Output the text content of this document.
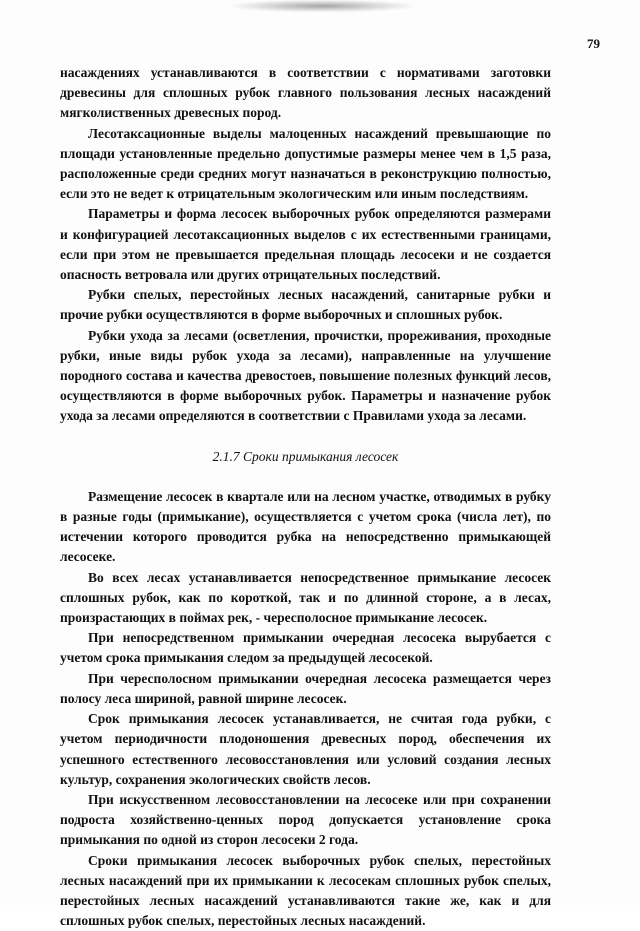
79

насаждениях устанавливаются в соответствии с нормативами заготовки древесины для сплошных рубок главного пользования лесных насаждений мягколиственных древесных пород.

Лесотаксационные выделы малоценных насаждений превышающие по площади установленные предельно допустимые размеры менее чем в 1,5 раза, расположенные среди средних могут назначаться в реконструкцию полностью, если это не ведет к отрицательным экологическим или иным последствиям.

Параметры и форма лесосек выборочных рубок определяются размерами и конфигурацией лесотаксационных выделов с их естественными границами, если при этом не превышается предельная площадь лесосеки и не создается опасность ветровала или других отрицательных последствий.

Рубки спелых, перестойных лесных насаждений, санитарные рубки и прочие рубки осуществляются в форме выборочных и сплошных рубок.

Рубки ухода за лесами (осветления, прочистки, прореживания, проходные рубки, иные виды рубок ухода за лесами), направленные на улучшение породного состава и качества древостоев, повышение полезных функций лесов, осуществляются в форме выборочных рубок. Параметры и назначение рубок ухода за лесами определяются в соответствии с Правилами ухода за лесами.

2.1.7 Сроки примыкания лесосек

Размещение лесосек в квартале или на лесном участке, отводимых в рубку в разные годы (примыкание), осуществляется с учетом срока (числа лет), по истечении которого проводится рубка на непосредственно примыкающей лесосеке.

Во всех лесах устанавливается непосредственное примыкание лесосек сплошных рубок, как по короткой, так и по длинной стороне, а в лесах, произрастающих в поймах рек, - чересполосное примыкание лесосек.

При непосредственном примыкании очередная лесосека вырубается с учетом срока примыкания следом за предыдущей лесосекой.

При чересполосном примыкании очередная лесосека размещается через полосу леса шириной, равной ширине лесосек.

Срок примыкания лесосек устанавливается, не считая года рубки, с учетом периодичности плодоношения древесных пород, обеспечения их успешного естественного лесовосстановления или условий создания лесных культур, сохранения экологических свойств лесов.

При искусственном лесовосстановлении на лесосеке или при сохранении подроста хозяйственно-ценных пород допускается установление срока примыкания по одной из сторон лесосеки 2 года.

Сроки примыкания лесосек выборочных рубок спелых, перестойных лесных насаждений при их примыкании к лесосекам сплошных рубок спелых, перестойных лесных насаждений устанавливаются такие же, как и для сплошных рубок спелых, перестойных лесных насаждений.
